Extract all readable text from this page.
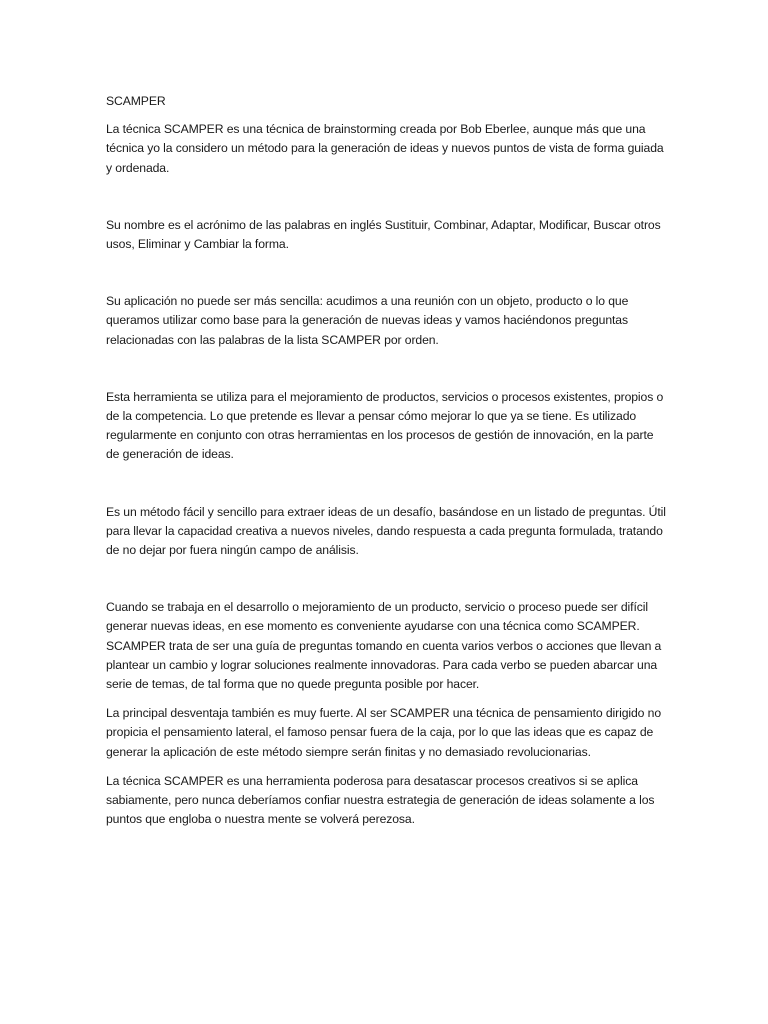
SCAMPER

La técnica SCAMPER es una técnica de brainstorming creada por Bob Eberlee, aunque más que una técnica yo la considero un método para la generación de ideas y nuevos puntos de vista de forma guiada y ordenada.

Su nombre es el acrónimo de las palabras en inglés Sustituir, Combinar, Adaptar, Modificar, Buscar otros usos, Eliminar y Cambiar la forma.

Su aplicación no puede ser más sencilla: acudimos a una reunión con un objeto, producto o lo que queramos utilizar como base para la generación de nuevas ideas y vamos haciéndonos preguntas relacionadas con las palabras de la lista SCAMPER por orden.

Esta herramienta se utiliza para el mejoramiento de productos, servicios o procesos existentes, propios o de la competencia. Lo que pretende es llevar a pensar cómo mejorar lo que ya se tiene. Es utilizado regularmente en conjunto con otras herramientas en los procesos de gestión de innovación, en la parte de generación de ideas.

Es un método fácil y sencillo para extraer ideas de un desafío, basándose en un listado de preguntas. Útil para llevar la capacidad creativa a nuevos niveles, dando respuesta a cada pregunta formulada, tratando de no dejar por fuera ningún campo de análisis.

Cuando se trabaja en el desarrollo o mejoramiento de un producto, servicio o proceso puede ser difícil generar nuevas ideas, en ese momento es conveniente ayudarse con una técnica como SCAMPER. SCAMPER trata de ser una guía de preguntas tomando en cuenta varios verbos o acciones que llevan a plantear un cambio y lograr soluciones realmente innovadoras. Para cada verbo se pueden abarcar una serie de temas, de tal forma que no quede pregunta posible por hacer.

La principal desventaja también es muy fuerte. Al ser SCAMPER una técnica de pensamiento dirigido no propicia el pensamiento lateral, el famoso pensar fuera de la caja, por lo que las ideas que es capaz de generar la aplicación de este método siempre serán finitas y no demasiado revolucionarias.

La técnica SCAMPER es una herramienta poderosa para desatascar procesos creativos si se aplica sabiamente, pero nunca deberíamos confiar nuestra estrategia de generación de ideas solamente a los puntos que engloba o nuestra mente se volverá perezosa.
